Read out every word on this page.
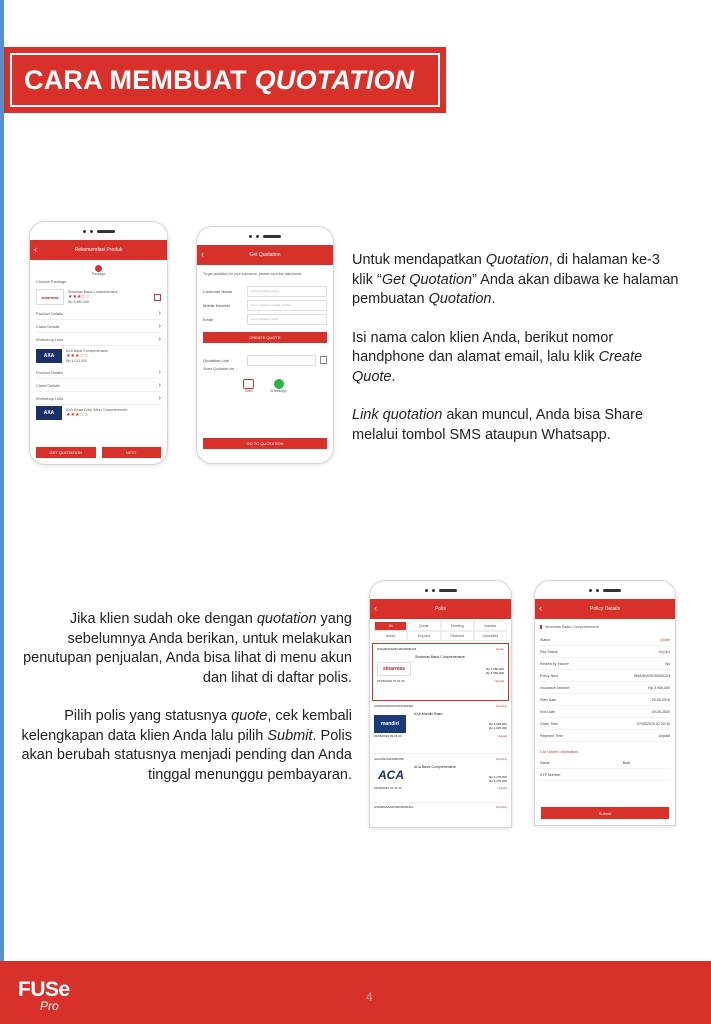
CARA MEMBUAT QUOTATION
‹	Rekomendasi Produk
Package
Choose Package
sinarmas
Sinarmas Basic Comprehensive
★★★☆☆
Rp 3,950,000
Product Details	›
Claim Details	›
Workshop Lists	›
AXA
AXA Basic Comprehensive
★★★☆☆
Rp 4,012,000
Product Details	›
Claim Details	›
Workshop Lists	›
AXA	AXA Smart Drive Silver Comprehensive
★★★☆☆
GET QUOTATION	NEXT
‹	Get Quotation
To get quotation for your insurance, please input the data below
Customer Name	input customer name
Mobile Number	input customer mobile number
Email	input customer email
CREATE QUOTE
Quotation Link
Share Quotation via
SMS	WhatsApp
GO TO QUOTATION

Untuk mendapatkan Quotation, di halaman ke-3 klik “Get Quotation” Anda akan dibawa ke halaman pembuatan Quotation.

Isi nama calon klien Anda, berikut nomor handphone dan alamat email, lalu klik Create Quote.

Link quotation akan muncul, Anda bisa Share melalui tombol SMS ataupun Whatsapp.

Jika klien sudah oke dengan quotation yang sebelumnya Anda berikan, untuk melakukan penutupan penjualan, Anda bisa lihat di menu akun dan lihat di daftar polis.

Pilih polis yang statusnya quote, cek kembali kelengkapan data klien Anda lalu pilih Submit. Polis akan berubah statusnya menjadi pending dan Anda tinggal menunggu pembayaran.

‹	Polis
All	Quote	Pending	Inactive
Active	Expired	Declined	Cancelled
SINARMAS/MV/2020/000123	Quote
Sinarmas Basic Comprehensive
sinarmas	Rp 3,950,000
Rp 3,950,000
07/05/2019 07:22:34	Unpaid
ASURANSI/MV/2019/000456	Pending
AXA Mandiri Basic
mandiri	Rp 3,025,000
Rp 3,025,000
03/05/2019 09:15:40	Unpaid
ACA/MV/2019/000789	Pending
ACA Basic Comprehensive
ACA	Rp 3,475,000
Rp 3,475,000
02/05/2019 10:41:12	Unpaid
SINARMAS/MV/2019/000321	Pending
‹	Policy Details
Sinarmas Basic Comprehensive
Status	Quote
Pay Status	Unpaid
Review by Insurer	No
Policy Num	SMA/MV/2019/000123
Insurance Amount	Rp 3,950,000
Start Date	29-05-2019
End Date	29-05-2020
Order Time	07/05/2019 07:22:34
Payment Time	Unpaid
Car Owner Information
Name	Budi
KTP Number
Submit
FUSe
Pro
4
